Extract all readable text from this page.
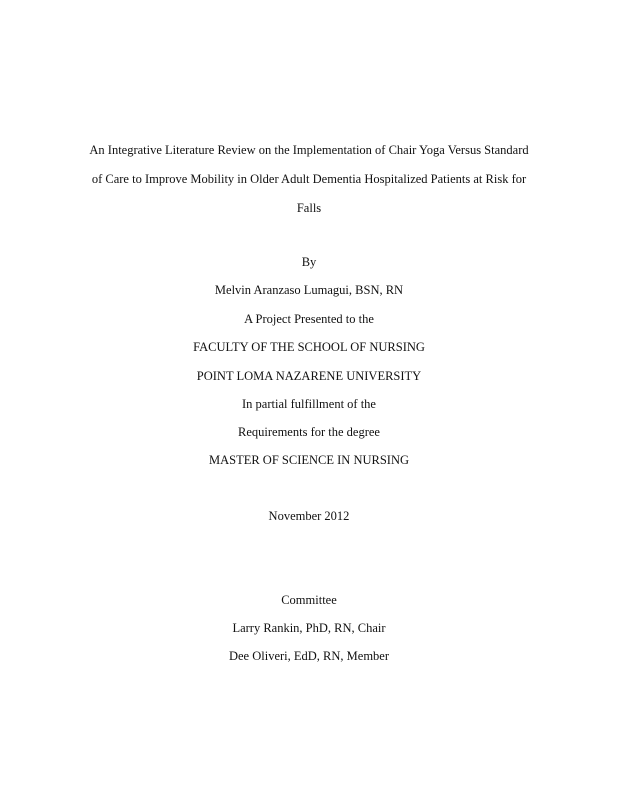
An Integrative Literature Review on the Implementation of Chair Yoga Versus Standard
of Care to Improve Mobility in Older Adult Dementia Hospitalized Patients at Risk for
Falls
By
Melvin Aranzaso Lumagui, BSN, RN
A Project Presented to the
FACULTY OF THE SCHOOL OF NURSING
POINT LOMA NAZARENE UNIVERSITY
In partial fulfillment of the
Requirements for the degree
MASTER OF SCIENCE IN NURSING
November 2012
Committee
Larry Rankin, PhD, RN, Chair
Dee Oliveri, EdD, RN, Member
